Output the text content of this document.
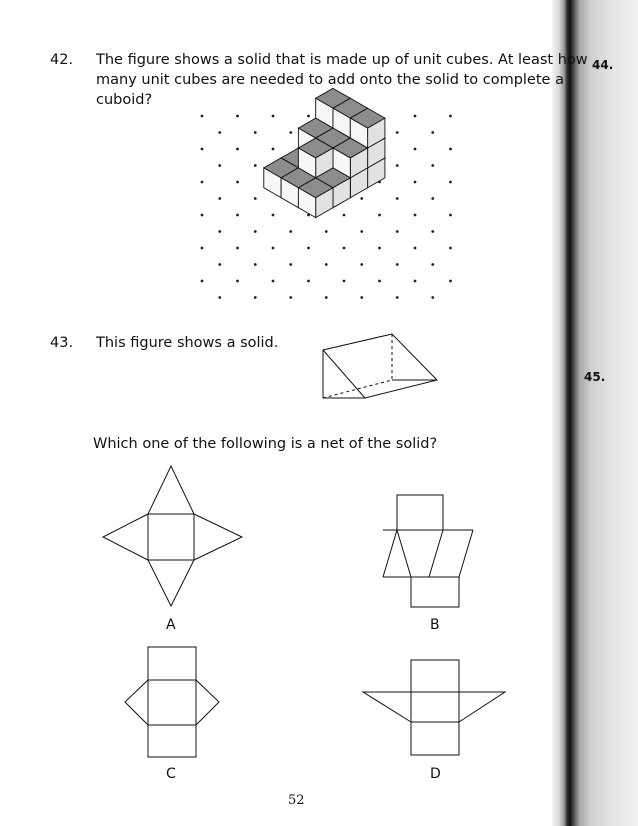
44.
45.
42. The figure shows a solid that is made up of unit cubes. At least how
many unit cubes are needed to add onto the solid to complete a
cuboid?
43. This figure shows a solid.
Which one of the following is a net of the solid?
A	B
C	D
52
